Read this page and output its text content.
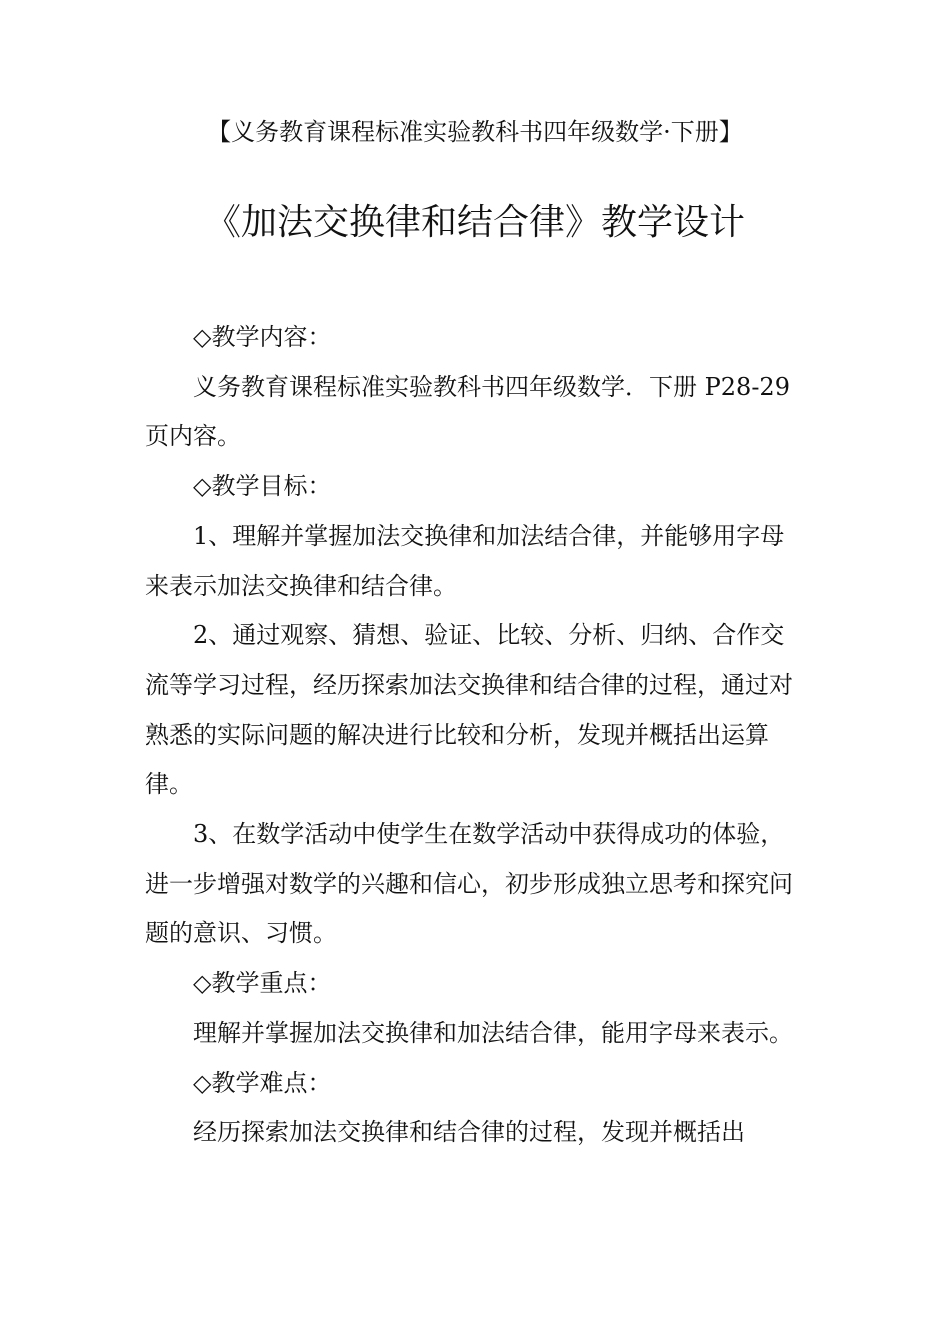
【义务教育课程标准实验教科书四年级数学·下册】
《加法交换律和结合律》教学设计

◇教学内容：

义务教育课程标准实验教科书四年级数学．下册 P28-29 页内容。

◇教学目标：

1、理解并掌握加法交换律和加法结合律，并能够用字母来表示加法交换律和结合律。

2、通过观察、猜想、验证、比较、分析、归纳、合作交流等学习过程，经历探索加法交换律和结合律的过程，通过对熟悉的实际问题的解决进行比较和分析，发现并概括出运算律。

3、在数学活动中使学生在数学活动中获得成功的体验，进一步增强对数学的兴趣和信心，初步形成独立思考和探究问题的意识、习惯。

◇教学重点：

理解并掌握加法交换律和加法结合律，能用字母来表示。

◇教学难点：

经历探索加法交换律和结合律的过程，发现并概括出
